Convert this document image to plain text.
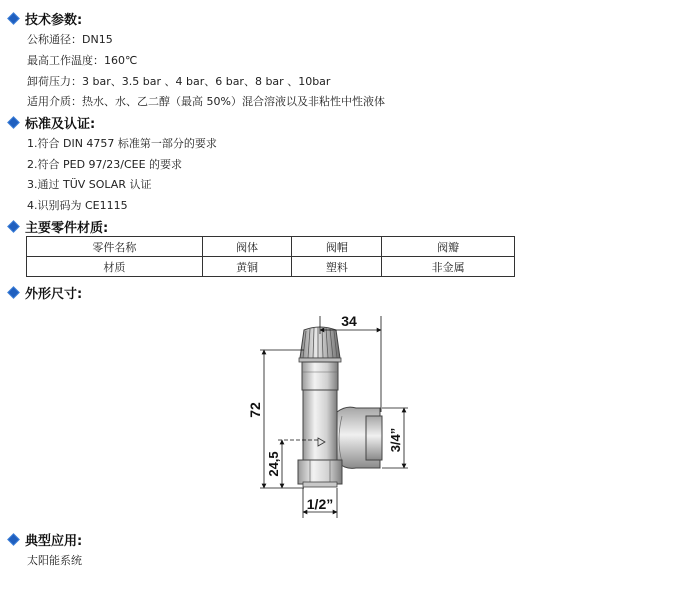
技术参数:
公称通径：DN15
最高工作温度：160℃
卸荷压力：3 bar、3.5 bar 、4 bar、6 bar、8 bar 、10bar
适用介质：热水、水、乙二醇（最高 50%）混合溶液以及非粘性中性液体
标准及认证:
1.符合 DIN 4757 标准第一部分的要求
2.符合 PED 97/23/CEE 的要求
3.通过 TÜV SOLAR 认证
4.识别码为 CE1115
主要零件材质:
零件名称	阀体	阀帽	阀瓣
材质	黄铜	塑料	非金属
外形尺寸:
34
72
24,5
3/4”
1/2”
典型应用:
太阳能系统
